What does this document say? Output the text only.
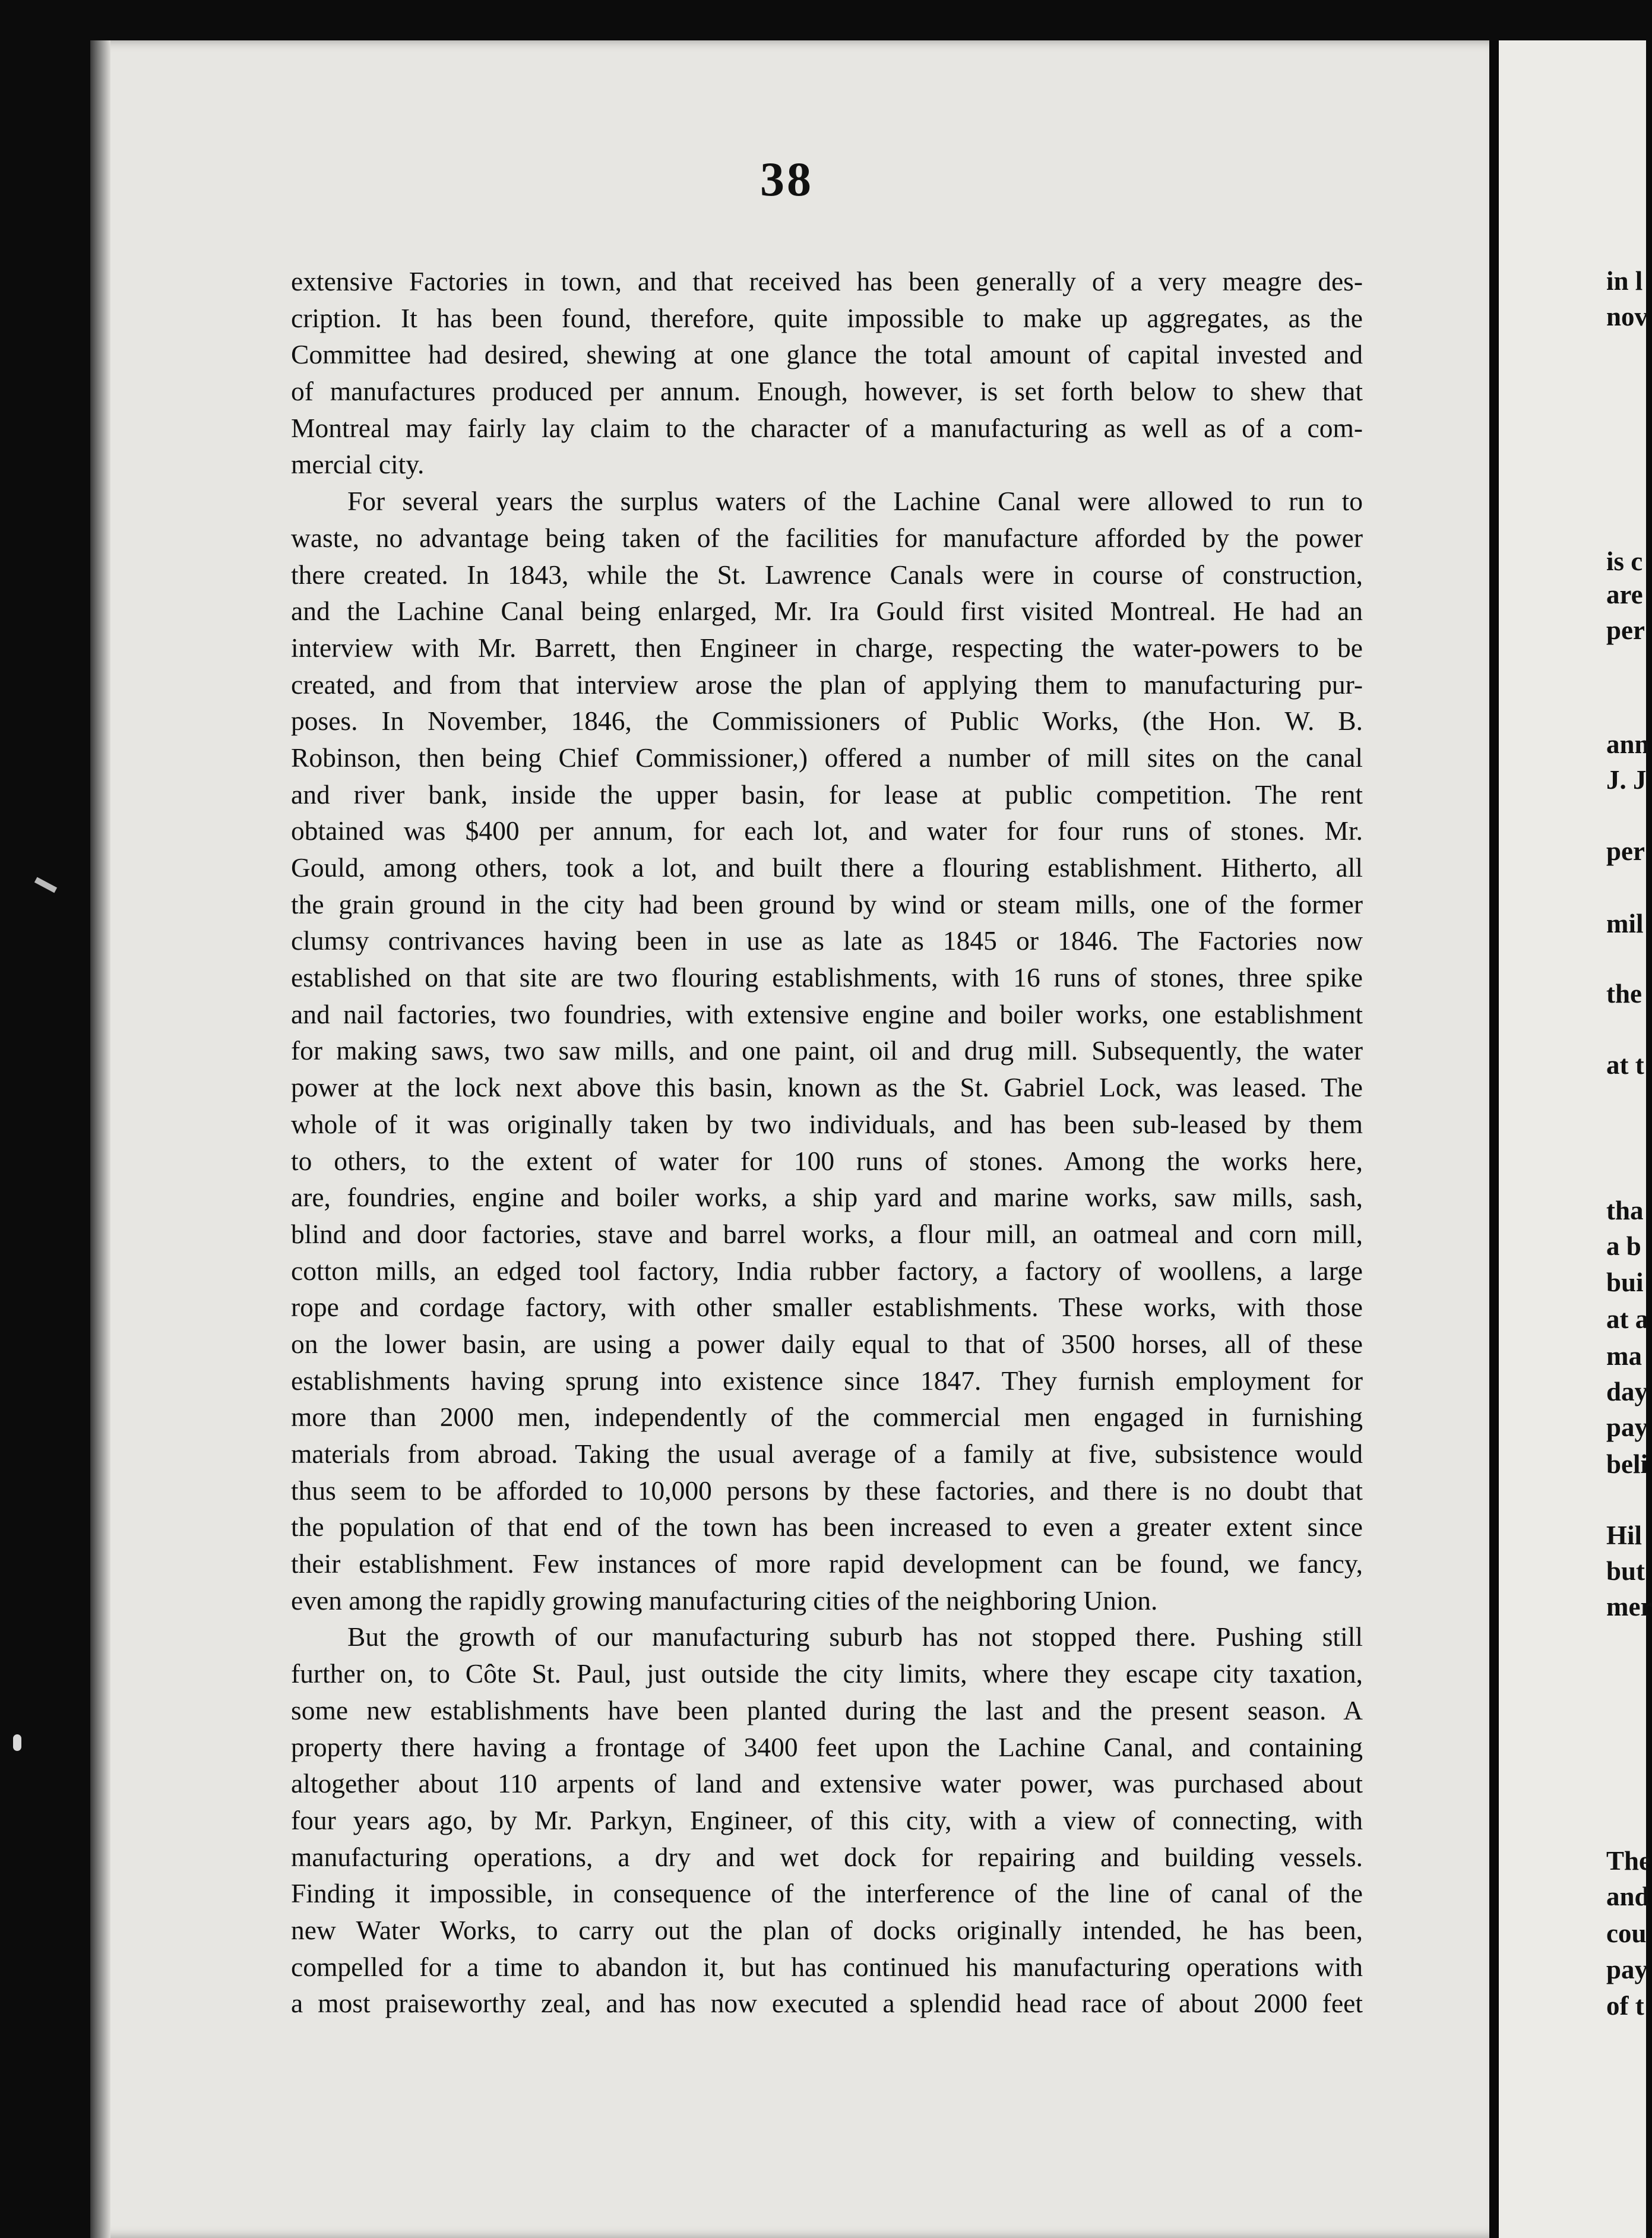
38
extensive Factories in town, and that received has been generally of a very meagre des-
cription. It has been found, therefore, quite impossible to make up aggregates, as the
Committee had desired, shewing at one glance the total amount of capital invested and
of manufactures produced per annum. Enough, however, is set forth below to shew that
Montreal may fairly lay claim to the character of a manufacturing as well as of a com-
mercial city.
For several years the surplus waters of the Lachine Canal were allowed to run to
waste, no advantage being taken of the facilities for manufacture afforded by the power
there created. In 1843, while the St. Lawrence Canals were in course of construction,
and the Lachine Canal being enlarged, Mr. Ira Gould first visited Montreal. He had an
interview with Mr. Barrett, then Engineer in charge, respecting the water-powers to be
created, and from that interview arose the plan of applying them to manufacturing pur-
poses. In November, 1846, the Commissioners of Public Works, (the Hon. W. B.
Robinson, then being Chief Commissioner,) offered a number of mill sites on the canal
and river bank, inside the upper basin, for lease at public competition. The rent
obtained was $400 per annum, for each lot, and water for four runs of stones. Mr.
Gould, among others, took a lot, and built there a flouring establishment. Hitherto, all
the grain ground in the city had been ground by wind or steam mills, one of the former
clumsy contrivances having been in use as late as 1845 or 1846. The Factories now
established on that site are two flouring establishments, with 16 runs of stones, three spike
and nail factories, two foundries, with extensive engine and boiler works, one establishment
for making saws, two saw mills, and one paint, oil and drug mill. Subsequently, the water
power at the lock next above this basin, known as the St. Gabriel Lock, was leased. The
whole of it was originally taken by two individuals, and has been sub-leased by them
to others, to the extent of water for 100 runs of stones. Among the works here,
are, foundries, engine and boiler works, a ship yard and marine works, saw mills, sash,
blind and door factories, stave and barrel works, a flour mill, an oatmeal and corn mill,
cotton mills, an edged tool factory, India rubber factory, a factory of woollens, a large
rope and cordage factory, with other smaller establishments. These works, with those
on the lower basin, are using a power daily equal to that of 3500 horses, all of these
establishments having sprung into existence since 1847. They furnish employment for
more than 2000 men, independently of the commercial men engaged in furnishing
materials from abroad. Taking the usual average of a family at five, subsistence would
thus seem to be afforded to 10,000 persons by these factories, and there is no doubt that
the population of that end of the town has been increased to even a greater extent since
their establishment. Few instances of more rapid development can be found, we fancy,
even among the rapidly growing manufacturing cities of the neighboring Union.
But the growth of our manufacturing suburb has not stopped there. Pushing still
further on, to Côte St. Paul, just outside the city limits, where they escape city taxation,
some new establishments have been planted during the last and the present season. A
property there having a frontage of 3400 feet upon the Lachine Canal, and containing
altogether about 110 arpents of land and extensive water power, was purchased about
four years ago, by Mr. Parkyn, Engineer, of this city, with a view of connecting, with
manufacturing operations, a dry and wet dock for repairing and building vessels.
Finding it impossible, in consequence of the interference of the line of canal of the
new Water Works, to carry out the plan of docks originally intended, he has been,
compelled for a time to abandon it, but has continued his manufacturing operations with
a most praiseworthy zeal, and has now executed a splendid head race of about 2000 feet
in l
nov
is c
are
per
ann
J. J
per
mil
the
at t
tha
a b
bui
at a
ma
day
pay
beli
Hil
but
mer
The
and
cou
pay
of t
